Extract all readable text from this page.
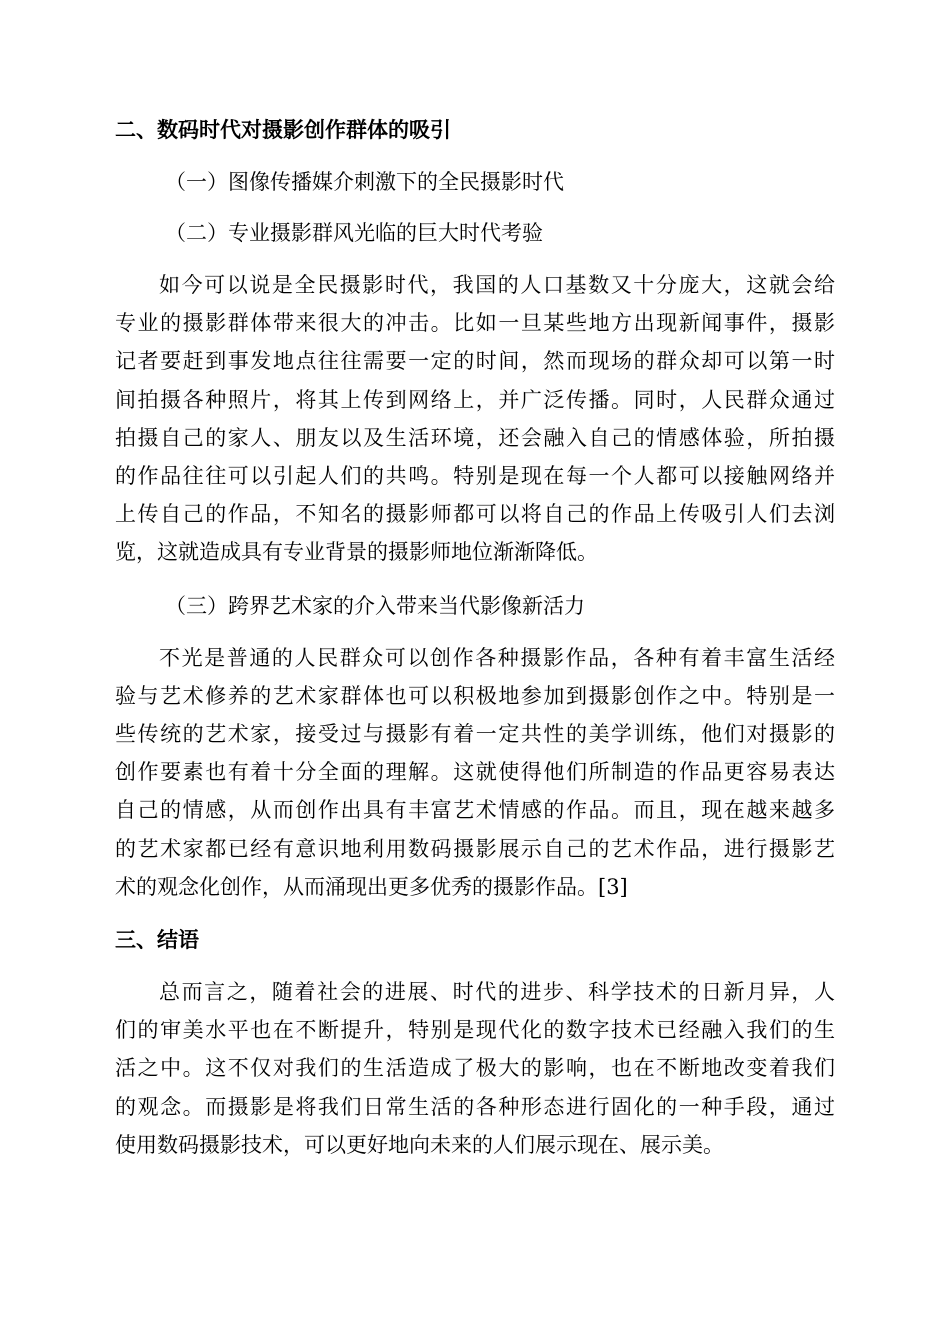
二、数码时代对摄影创作群体的吸引

（一）图像传播媒介刺激下的全民摄影时代

（二）专业摄影群风光临的巨大时代考验

如今可以说是全民摄影时代，我国的人口基数又十分庞大，这就会给
专业的摄影群体带来很大的冲击。比如一旦某些地方出现新闻事件，摄影
记者要赶到事发地点往往需要一定的时间，然而现场的群众却可以第一时
间拍摄各种照片，将其上传到网络上，并广泛传播。同时，人民群众通过
拍摄自己的家人、朋友以及生活环境，还会融入自己的情感体验，所拍摄
的作品往往可以引起人们的共鸣。特别是现在每一个人都可以接触网络并
上传自己的作品，不知名的摄影师都可以将自己的作品上传吸引人们去浏
览，这就造成具有专业背景的摄影师地位渐渐降低。

（三）跨界艺术家的介入带来当代影像新活力

不光是普通的人民群众可以创作各种摄影作品，各种有着丰富生活经
验与艺术修养的艺术家群体也可以积极地参加到摄影创作之中。特别是一
些传统的艺术家，接受过与摄影有着一定共性的美学训练，他们对摄影的
创作要素也有着十分全面的理解。这就使得他们所制造的作品更容易表达
自己的情感，从而创作出具有丰富艺术情感的作品。而且，现在越来越多
的艺术家都已经有意识地利用数码摄影展示自己的艺术作品，进行摄影艺
术的观念化创作，从而涌现出更多优秀的摄影作品。[3]

三、结语

总而言之，随着社会的进展、时代的进步、科学技术的日新月异，人
们的审美水平也在不断提升，特别是现代化的数字技术已经融入我们的生
活之中。这不仅对我们的生活造成了极大的影响，也在不断地改变着我们
的观念。而摄影是将我们日常生活的各种形态进行固化的一种手段，通过
使用数码摄影技术，可以更好地向未来的人们展示现在、展示美。
